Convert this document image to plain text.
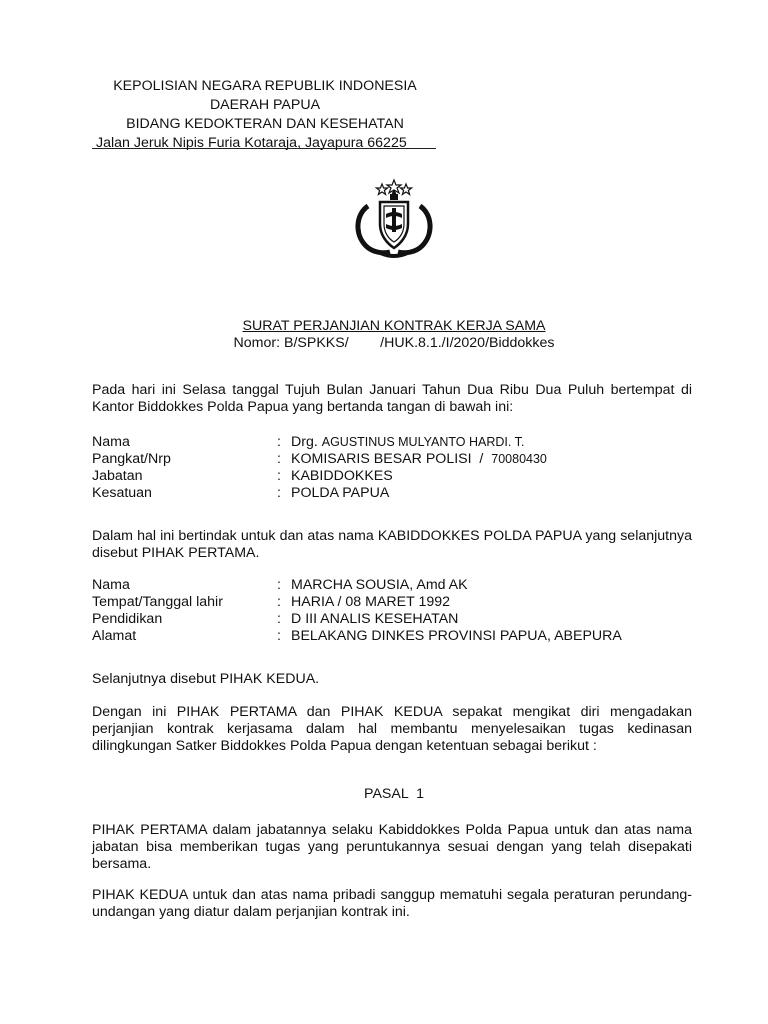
KEPOLISIAN NEGARA REPUBLIK INDONESIA
DAERAH PAPUA
BIDANG KEDOKTERAN DAN KESEHATAN
Jalan Jeruk Nipis Furia Kotaraja, Jayapura 66225
SURAT PERJANJIAN KONTRAK KERJA SAMA
Nomor: B/SPKKS/        /HUK.8.1./I/2020/Biddokkes
Pada hari ini Selasa tanggal Tujuh Bulan Januari Tahun Dua Ribu Dua Puluh bertempat di Kantor Biddokkes Polda Papua yang bertanda tangan di bawah ini:
Nama	: Drg. AGUSTINUS MULYANTO HARDI. T.
Pangkat/Nrp	: KOMISARIS BESAR POLISI  /  70080430
Jabatan	: KABIDDOKKES
Kesatuan	: POLDA PAPUA
Dalam hal ini bertindak untuk dan atas nama KABIDDOKKES POLDA PAPUA yang selanjutnya disebut PIHAK PERTAMA.
Nama	: MARCHA SOUSIA, Amd AK
Tempat/Tanggal lahir	: HARIA / 08 MARET 1992
Pendidikan	: D III ANALIS KESEHATAN
Alamat	: BELAKANG DINKES PROVINSI PAPUA, ABEPURA
Selanjutnya disebut PIHAK KEDUA.
Dengan ini PIHAK PERTAMA dan PIHAK KEDUA sepakat mengikat diri mengadakan perjanjian kontrak kerjasama dalam hal membantu menyelesaikan tugas kedinasan dilingkungan Satker Biddokkes Polda Papua dengan ketentuan sebagai berikut :
PASAL  1
PIHAK PERTAMA dalam jabatannya selaku Kabiddokkes Polda Papua untuk dan atas nama jabatan bisa memberikan tugas yang peruntukannya sesuai dengan yang telah disepakati bersama.
PIHAK KEDUA untuk dan atas nama pribadi sanggup mematuhi segala peraturan perundang-undangan yang diatur dalam perjanjian kontrak ini.
